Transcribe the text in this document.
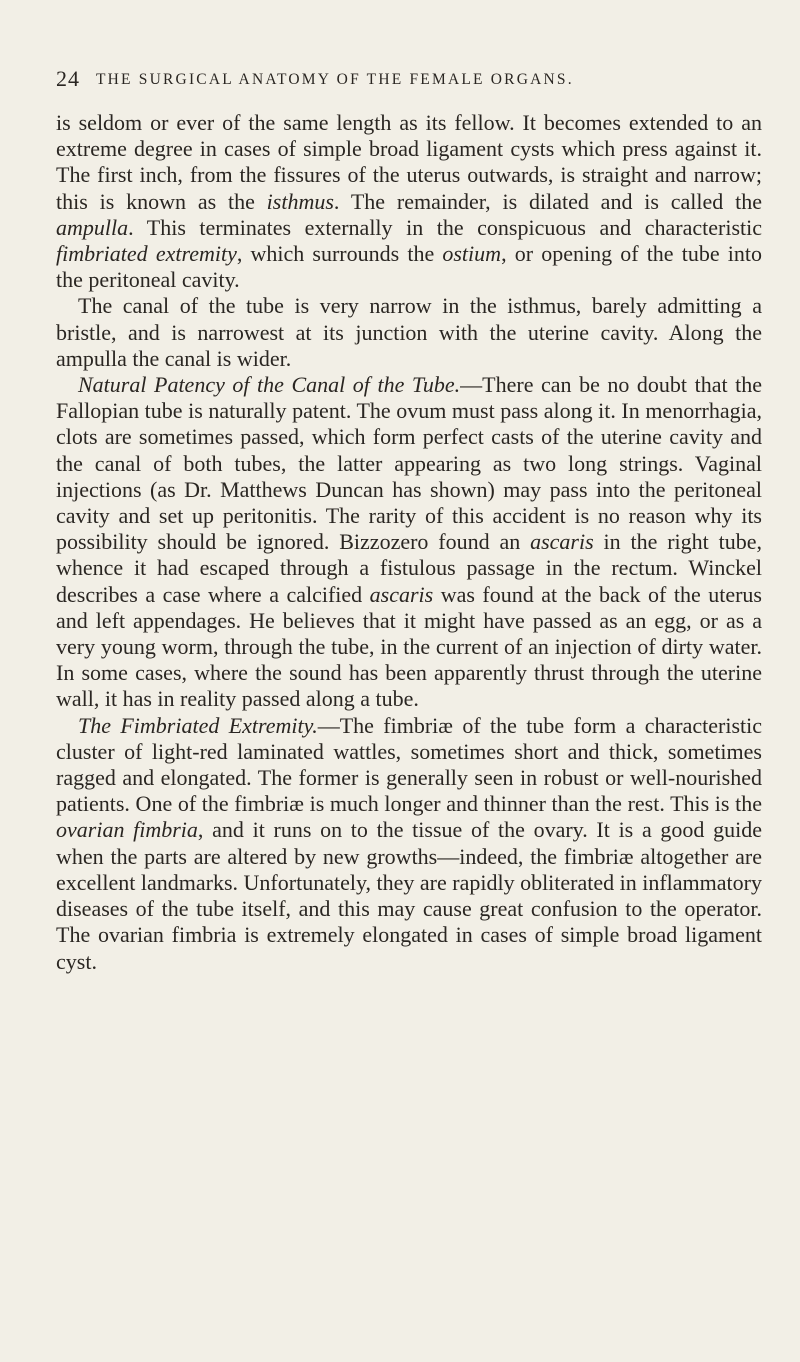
24 THE SURGICAL ANATOMY OF THE FEMALE ORGANS.

is seldom or ever of the same length as its fellow. It becomes extended to an extreme degree in cases of simple broad ligament cysts which press against it. The first inch, from the fissures of the uterus outwards, is straight and narrow; this is known as the isthmus. The remainder, is dilated and is called the ampulla. This terminates externally in the conspicuous and characteristic fimbriated extremity, which surrounds the ostium, or opening of the tube into the peritoneal cavity.

The canal of the tube is very narrow in the isthmus, barely admitting a bristle, and is narrowest at its junction with the uterine cavity. Along the ampulla the canal is wider.

Natural Patency of the Canal of the Tube.—There can be no doubt that the Fallopian tube is naturally patent. The ovum must pass along it. In menorrhagia, clots are sometimes passed, which form perfect casts of the uterine cavity and the canal of both tubes, the latter appearing as two long strings. Vaginal injections (as Dr. Matthews Duncan has shown) may pass into the peritoneal cavity and set up peritonitis. The rarity of this accident is no reason why its possibility should be ignored. Bizzozero found an ascaris in the right tube, whence it had escaped through a fistulous passage in the rectum. Winckel describes a case where a calcified ascaris was found at the back of the uterus and left appendages. He believes that it might have passed as an egg, or as a very young worm, through the tube, in the current of an injection of dirty water. In some cases, where the sound has been apparently thrust through the uterine wall, it has in reality passed along a tube.

The Fimbriated Extremity.—The fimbriæ of the tube form a characteristic cluster of light-red laminated wattles, sometimes short and thick, sometimes ragged and elongated. The former is generally seen in robust or well-nourished patients. One of the fimbriæ is much longer and thinner than the rest. This is the ovarian fimbria, and it runs on to the tissue of the ovary. It is a good guide when the parts are altered by new growths—indeed, the fimbriæ altogether are excellent landmarks. Unfortunately, they are rapidly obliterated in inflammatory diseases of the tube itself, and this may cause great confusion to the operator. The ovarian fimbria is extremely elongated in cases of simple broad ligament cyst.
